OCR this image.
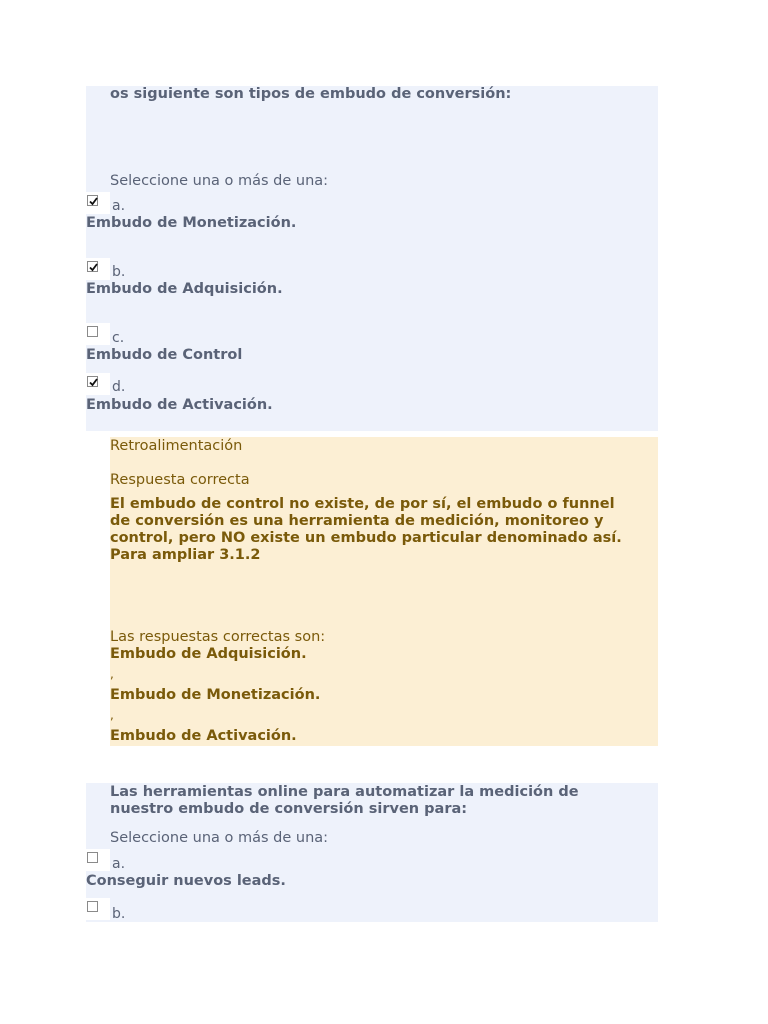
os siguiente son tipos de embudo de conversión:
Seleccione una o más de una:
a.
Embudo de Monetización.
b.
Embudo de Adquisición.
c.
Embudo de Control
d.
Embudo de Activación.
Retroalimentación
Respuesta correcta
El embudo de control no existe, de por sí, el embudo o funnel
de conversión es una herramienta de medición, monitoreo y
control, pero NO existe un embudo particular denominado así.
Para ampliar 3.1.2
Las respuestas correctas son:
Embudo de Adquisición.
,
Embudo de Monetización.
,
Embudo de Activación.
Las herramientas online para automatizar la medición de
nuestro embudo de conversión sirven para:
Seleccione una o más de una:
a.
Conseguir nuevos leads.
b.
